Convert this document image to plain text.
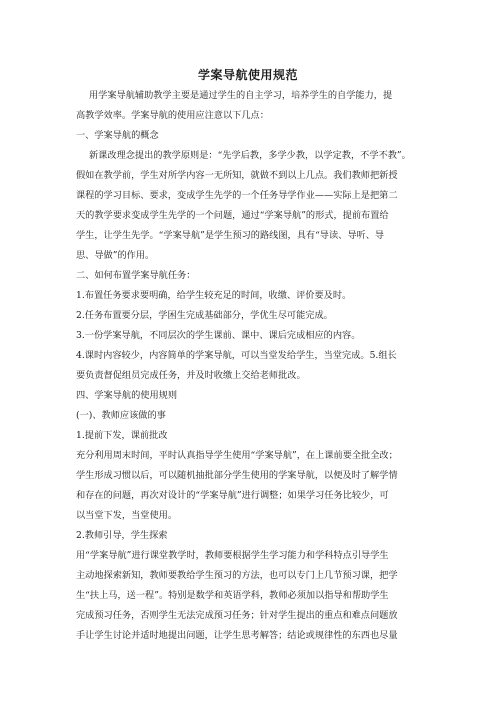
学案导航使用规范
用学案导航辅助教学主要是通过学生的自主学习，培养学生的自学能力，提
高教学效率。学案导航的使用应注意以下几点：
一、学案导航的概念
新课改理念提出的教学原则是：“先学后教，多学少教，以学定教，不学不教”。
假如在教学前，学生对所学内容一无所知，就做不到以上几点。我们教师把新授
课程的学习目标、要求，变成学生先学的一个任务导学作业——实际上是把第二
天的教学要求变成学生先学的一个问题，通过“学案导航”的形式，提前布置给
学生，让学生先学。“学案导航”是学生预习的路线图，具有“导读、导听、导
思、导做”的作用。
二、如何布置学案导航任务：
1.布置任务要求要明确，给学生较充足的时间，收缴、评价要及时。
2.任务布置要分层，学困生完成基础部分，学优生尽可能完成。
3.一份学案导航，不同层次的学生课前、课中、课后完成相应的内容。
4.课时内容较少，内容简单的学案导航，可以当堂发给学生，当堂完成。5.组长
要负责督促组员完成任务，并及时收缴上交给老师批改。
四、学案导航的使用规则
(一)、教师应该做的事
1.提前下发，课前批改
充分利用周末时间，平时认真指导学生使用“学案导航”，在上课前要全批全改；
学生形成习惯以后，可以随机抽批部分学生使用的学案导航，以便及时了解学情
和存在的问题，再次对设计的“学案导航”进行调整；如果学习任务比较少，可
以当堂下发，当堂使用。
2.教师引导，学生探索
用“学案导航”进行课堂教学时，教师要根据学生学习能力和学科特点引导学生
主动地探索新知，教师要教给学生预习的方法，也可以专门上几节预习课，把学
生“扶上马，送一程”。特别是数学和英语学科，教师必须加以指导和帮助学生
完成预习任务，否则学生无法完成预习任务；针对学生提出的重点和难点问题放
手让学生讨论并适时地提出问题，让学生思考解答；结论或规律性的东西也尽量
